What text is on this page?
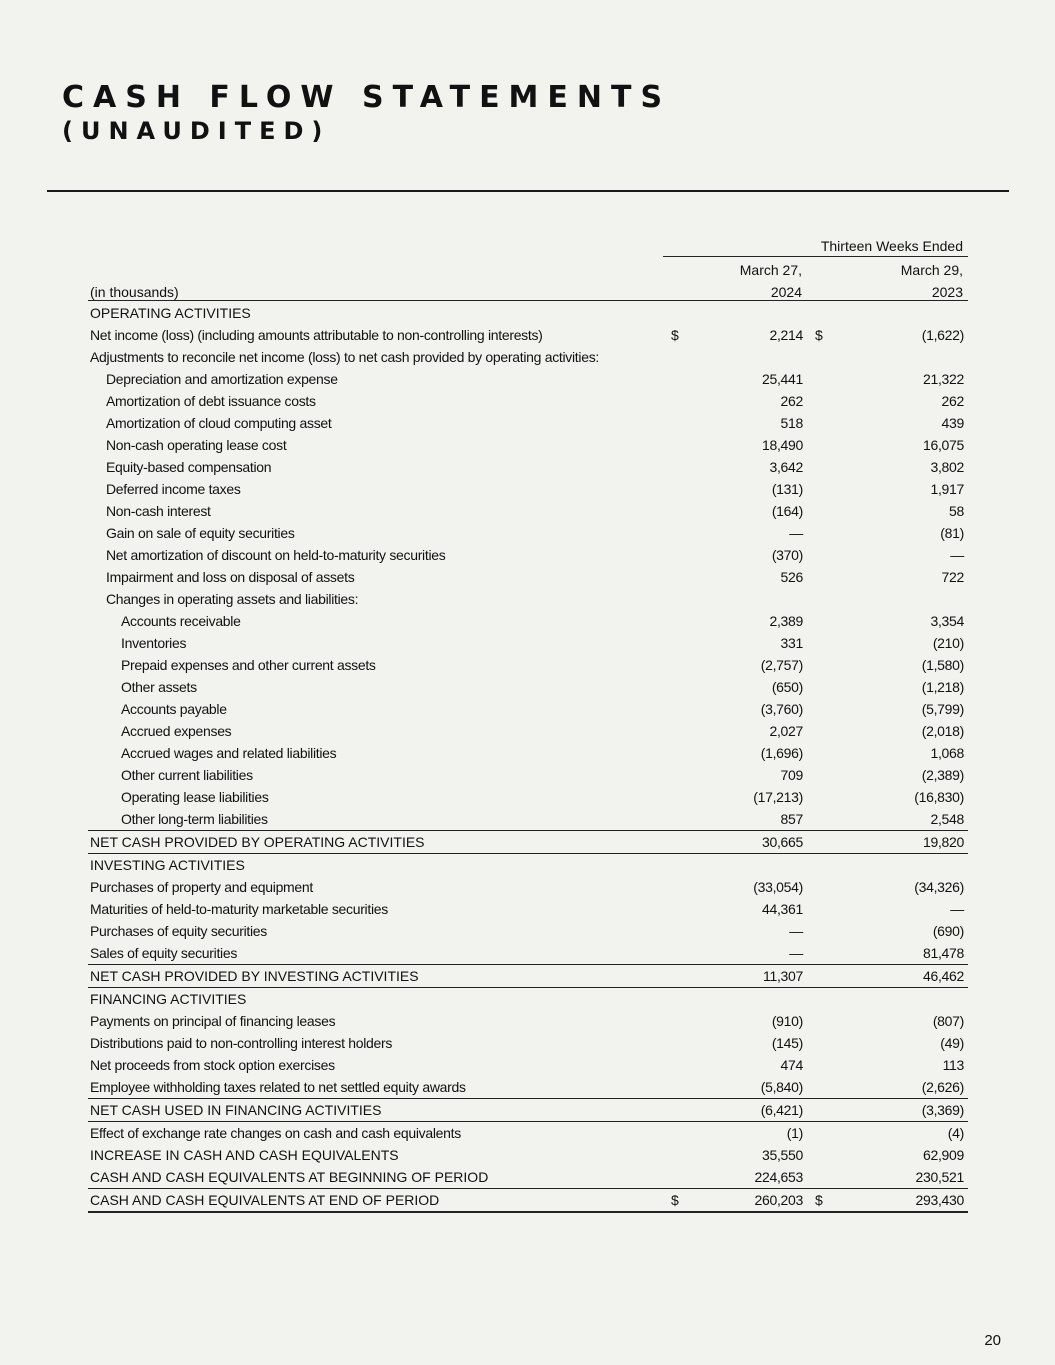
CASH FLOW STATEMENTS
(UNAUDITED)
Thirteen Weeks Ended
March 27,
2024
March 29,
2023
(in thousands)
OPERATING ACTIVITIES
Net income (loss) (including amounts attributable to non-controlling interests)	$	2,214 $	(1,622)
Adjustments to reconcile net income (loss) to net cash provided by operating activities:
Depreciation and amortization expense	25,441	21,322
Amortization of debt issuance costs	262	262
Amortization of cloud computing asset	518	439
Non-cash operating lease cost	18,490	16,075
Equity-based compensation	3,642	3,802
Deferred income taxes	(131)	1,917
Non-cash interest	(164)	58
Gain on sale of equity securities	—	(81)
Net amortization of discount on held-to-maturity securities	(370)	—
Impairment and loss on disposal of assets	526	722
Changes in operating assets and liabilities:
Accounts receivable	2,389	3,354
Inventories	331	(210)
Prepaid expenses and other current assets	(2,757)	(1,580)
Other assets	(650)	(1,218)
Accounts payable	(3,760)	(5,799)
Accrued expenses	2,027	(2,018)
Accrued wages and related liabilities	(1,696)	1,068
Other current liabilities	709	(2,389)
Operating lease liabilities	(17,213)	(16,830)
Other long-term liabilities	857	2,548
NET CASH PROVIDED BY OPERATING ACTIVITIES	30,665	19,820
INVESTING ACTIVITIES
Purchases of property and equipment	(33,054)	(34,326)
Maturities of held-to-maturity marketable securities	44,361	—
Purchases of equity securities	—	(690)
Sales of equity securities	—	81,478
NET CASH PROVIDED BY INVESTING ACTIVITIES	11,307	46,462
FINANCING ACTIVITIES
Payments on principal of financing leases	(910)	(807)
Distributions paid to non-controlling interest holders	(145)	(49)
Net proceeds from stock option exercises	474	113
Employee withholding taxes related to net settled equity awards	(5,840)	(2,626)
NET CASH USED IN FINANCING ACTIVITIES	(6,421)	(3,369)
Effect of exchange rate changes on cash and cash equivalents	(1)	(4)
INCREASE IN CASH AND CASH EQUIVALENTS	35,550	62,909
CASH AND CASH EQUIVALENTS AT BEGINNING OF PERIOD	224,653	230,521
CASH AND CASH EQUIVALENTS AT END OF PERIOD	$	260,203 $	293,430
20
